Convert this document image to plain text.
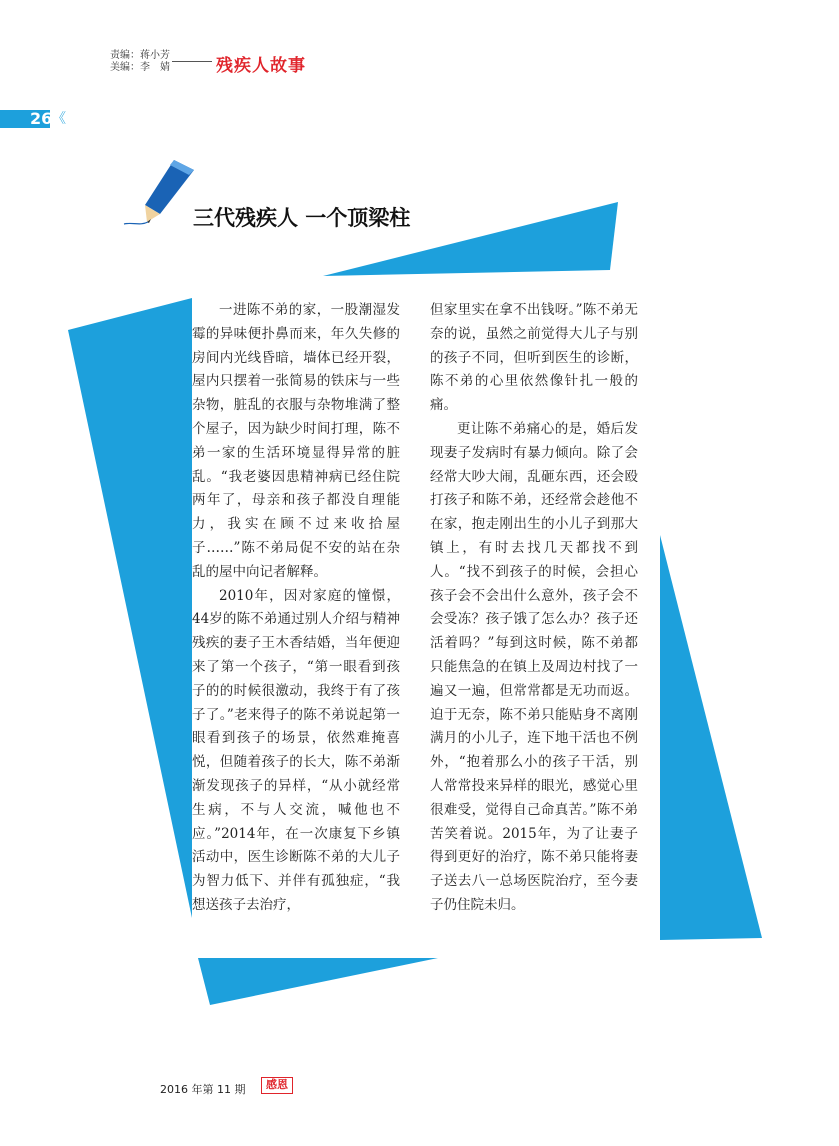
责编：蒋小芳
美编：李　婧	残疾人故事
26 《
三代残疾人 一个顶梁柱

一进陈不弟的家，一股潮湿发霉的异味便扑鼻而来，年久失修的房间内光线昏暗，墙体已经开裂，屋内只摆着一张简易的铁床与一些杂物，脏乱的衣服与杂物堆满了整个屋子，因为缺少时间打理，陈不弟一家的生活环境显得异常的脏乱。“我老婆因患精神病已经住院两年了，母亲和孩子都没自理能力，我实在顾不过来收拾屋子……”陈不弟局促不安的站在杂乱的屋中向记者解释。

2010年，因对家庭的憧憬，44岁的陈不弟通过别人介绍与精神残疾的妻子王木香结婚，当年便迎来了第一个孩子，“第一眼看到孩子的的时候很激动，我终于有了孩子了。”老来得子的陈不弟说起第一眼看到孩子的场景，依然难掩喜悦，但随着孩子的长大，陈不弟渐渐发现孩子的异样，“从小就经常生病，不与人交流，喊他也不应。”2014年，在一次康复下乡镇活动中，医生诊断陈不弟的大儿子为智力低下、并伴有孤独症，“我想送孩子去治疗，

但家里实在拿不出钱呀。”陈不弟无奈的说，虽然之前觉得大儿子与别的孩子不同，但听到医生的诊断，陈不弟的心里依然像针扎一般的痛。

更让陈不弟痛心的是，婚后发现妻子发病时有暴力倾向。除了会经常大吵大闹，乱砸东西，还会殴打孩子和陈不弟，还经常会趁他不在家，抱走刚出生的小儿子到那大镇上，有时去找几天都找不到人。“找不到孩子的时候，会担心孩子会不会出什么意外，孩子会不会受冻？孩子饿了怎么办？孩子还活着吗？”每到这时候，陈不弟都只能焦急的在镇上及周边村找了一遍又一遍，但常常都是无功而返。迫于无奈，陈不弟只能贴身不离刚满月的小儿子，连下地干活也不例外，“抱着那么小的孩子干活，别人常常投来异样的眼光，感觉心里很难受，觉得自己命真苦。”陈不弟苦笑着说。2015年，为了让妻子得到更好的治疗，陈不弟只能将妻子送去八一总场医院治疗，至今妻子仍住院未归。

2016 年第 11 期	感恩
